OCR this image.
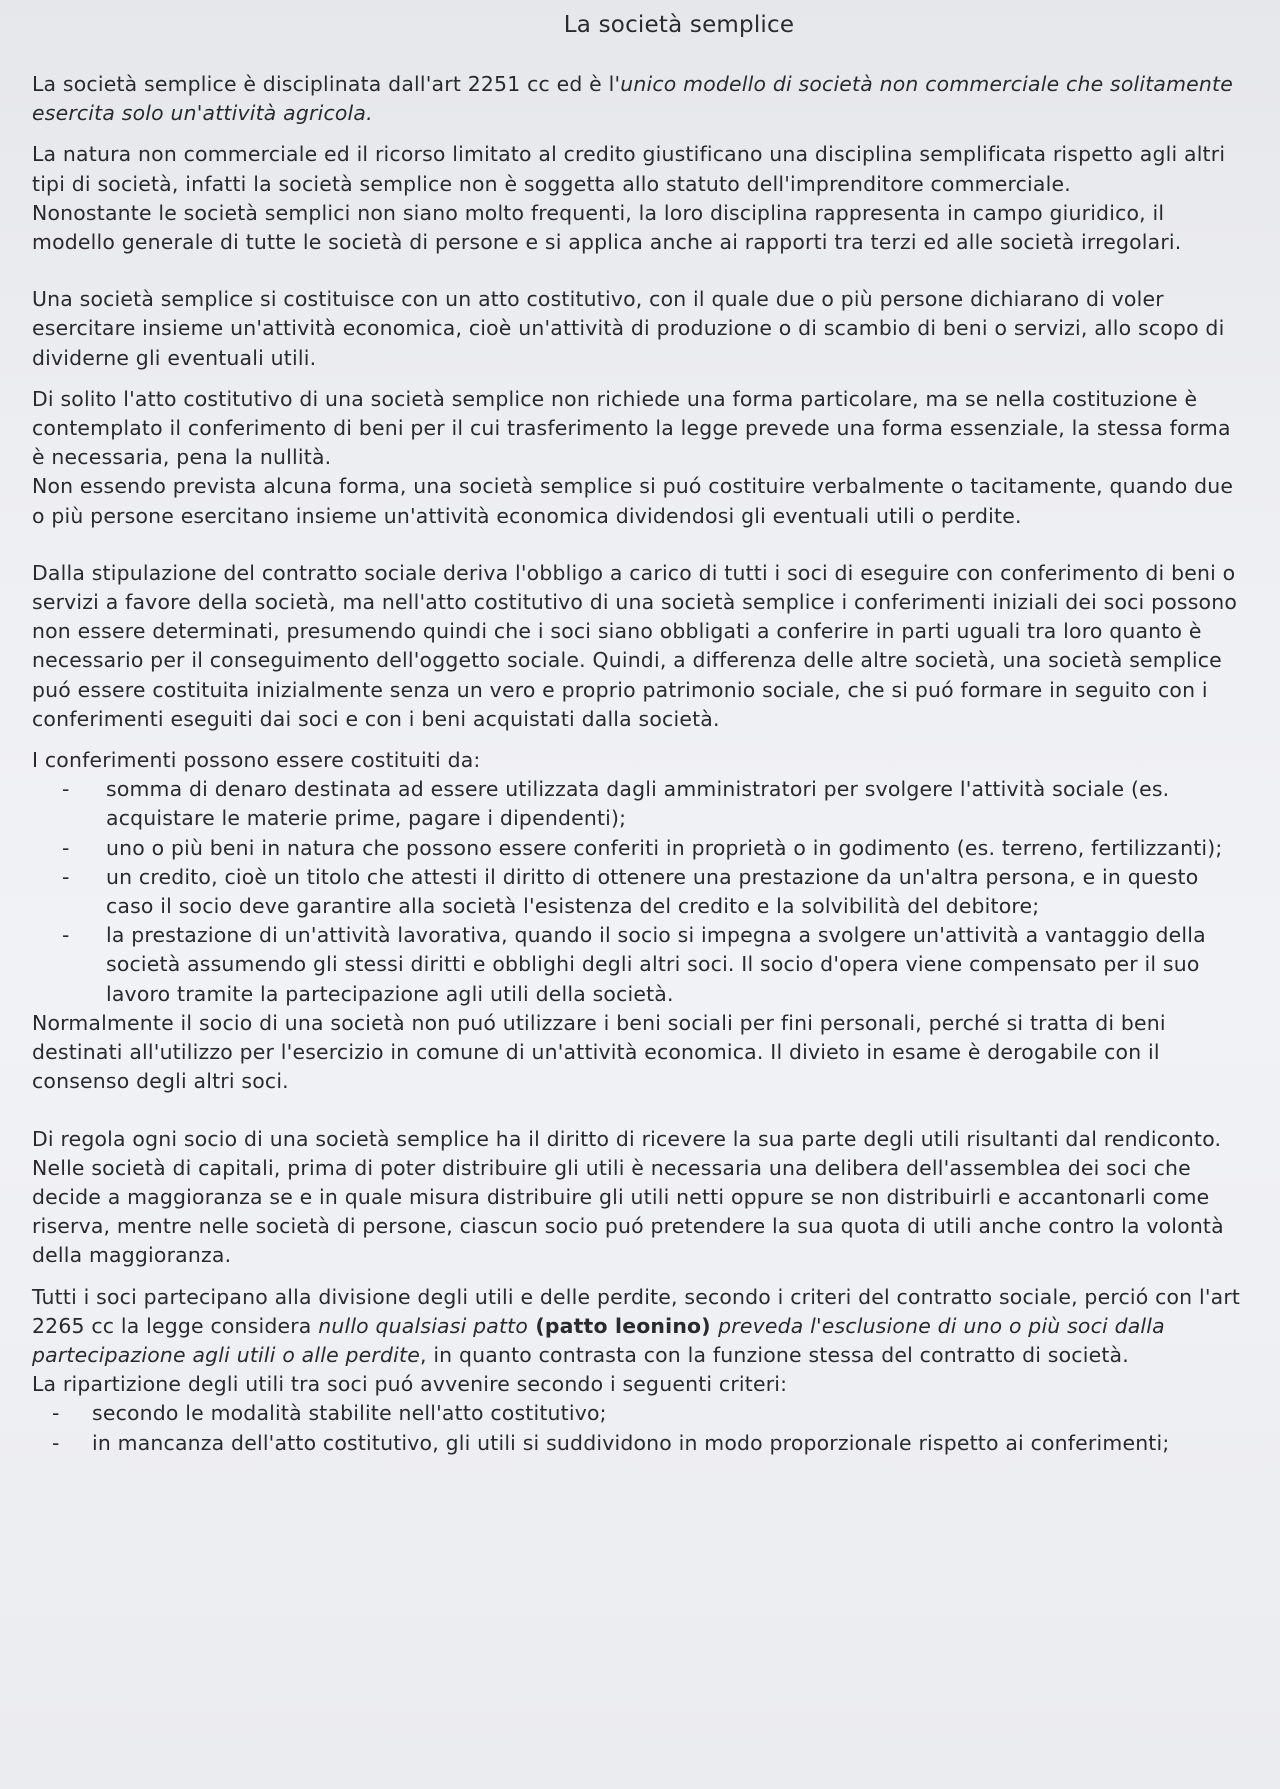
La società semplice

La società semplice è disciplinata dall'art 2251 cc ed è l'unico modello di società non commerciale che solitamente esercita solo un'attività agricola.

La natura non commerciale ed il ricorso limitato al credito giustificano una disciplina semplificata rispetto agli altri tipi di società, infatti la società semplice non è soggetta allo statuto dell'imprenditore commerciale.

Nonostante le società semplici non siano molto frequenti, la loro disciplina rappresenta in campo giuridico, il modello generale di tutte le società di persone e si applica anche ai rapporti tra terzi ed alle società irregolari.

Una società semplice si costituisce con un atto costitutivo, con il quale due o più persone dichiarano di voler esercitare insieme un'attività economica, cioè un'attività di produzione o di scambio di beni o servizi, allo scopo di dividerne gli eventuali utili.

Di solito l'atto costitutivo di una società semplice non richiede una forma particolare, ma se nella costituzione è contemplato il conferimento di beni per il cui trasferimento la legge prevede una forma essenziale, la stessa forma è necessaria, pena la nullità.

Non essendo prevista alcuna forma, una società semplice si puó costituire verbalmente o tacitamente, quando due o più persone esercitano insieme un'attività economica dividendosi gli eventuali utili o perdite.

Dalla stipulazione del contratto sociale deriva l'obbligo a carico di tutti i soci di eseguire con conferimento di beni o servizi a favore della società, ma nell'atto costitutivo di una società semplice i conferimenti iniziali dei soci possono non essere determinati, presumendo quindi che i soci siano obbligati a conferire in parti uguali tra loro quanto è necessario per il conseguimento dell'oggetto sociale. Quindi, a differenza delle altre società, una società semplice puó essere costituita inizialmente senza un vero e proprio patrimonio sociale, che si puó formare in seguito con i conferimenti eseguiti dai soci e con i beni acquistati dalla società.

I conferimenti possono essere costituiti da:

- somma di denaro destinata ad essere utilizzata dagli amministratori per svolgere l'attività sociale (es. acquistare le materie prime, pagare i dipendenti);
- uno o più beni in natura che possono essere conferiti in proprietà o in godimento (es. terreno, fertilizzanti);
- un credito, cioè un titolo che attesti il diritto di ottenere una prestazione da un'altra persona, e in questo caso il socio deve garantire alla società l'esistenza del credito e la solvibilità del debitore;
- la prestazione di un'attività lavorativa, quando il socio si impegna a svolgere un'attività a vantaggio della società assumendo gli stessi diritti e obblighi degli altri soci. Il socio d'opera viene compensato per il suo lavoro tramite la partecipazione agli utili della società.

Normalmente il socio di una società non puó utilizzare i beni sociali per fini personali, perché si tratta di beni destinati all'utilizzo per l'esercizio in comune di un'attività economica. Il divieto in esame è derogabile con il consenso degli altri soci.

Di regola ogni socio di una società semplice ha il diritto di ricevere la sua parte degli utili risultanti dal rendiconto.

Nelle società di capitali, prima di poter distribuire gli utili è necessaria una delibera dell'assemblea dei soci che decide a maggioranza se e in quale misura distribuire gli utili netti oppure se non distribuirli e accantonarli come riserva, mentre nelle società di persone, ciascun socio puó pretendere la sua quota di utili anche contro la volontà della maggioranza.

Tutti i soci partecipano alla divisione degli utili e delle perdite, secondo i criteri del contratto sociale, perció con l'art 2265 cc la legge considera nullo qualsiasi patto (patto leonino) preveda l'esclusione di uno o più soci dalla partecipazione agli utili o alle perdite, in quanto contrasta con la funzione stessa del contratto di società.

La ripartizione degli utili tra soci puó avvenire secondo i seguenti criteri:

- secondo le modalità stabilite nell'atto costitutivo;
- in mancanza dell'atto costitutivo, gli utili si suddividono in modo proporzionale rispetto ai conferimenti;
